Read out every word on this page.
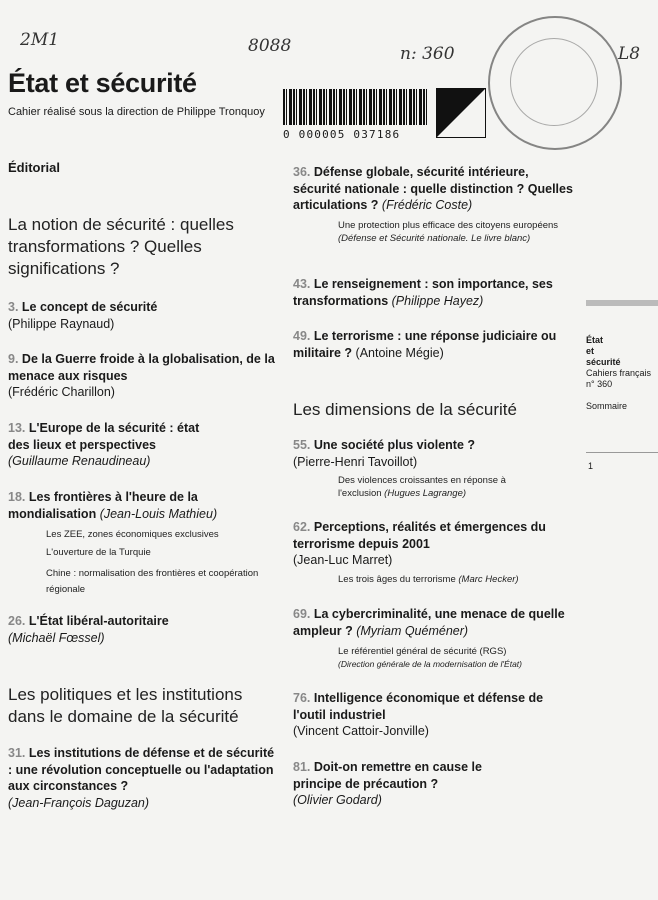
2M1	8088	n: 360	L8
État et sécurité
Cahier réalisé sous la direction de Philippe Tronquoy
0 000005 037186
Éditorial
La notion de sécurité : quelles transformations ? Quelles significations ?
3. Le concept de sécurité
(Philippe Raynaud)
9. De la Guerre froide à la globalisation, de la menace aux risques
(Frédéric Charillon)
13. L'Europe de la sécurité : état des lieux et perspectives
(Guillaume Renaudineau)
18. Les frontières à l'heure de la mondialisation (Jean-Louis Mathieu)
Les ZEE, zones économiques exclusives
L'ouverture de la Turquie
Chine : normalisation des frontières et coopération régionale
26. L'État libéral-autoritaire
(Michaël Fœssel)
Les politiques et les institutions dans le domaine de la sécurité
31. Les institutions de défense et de sécurité : une révolution conceptuelle ou l'adaptation aux circonstances ?
(Jean-François Daguzan)
36. Défense globale, sécurité intérieure, sécurité nationale : quelle distinction ? Quelles articulations ? (Frédéric Coste)
Une protection plus efficace des citoyens européens (Défense et Sécurité nationale. Le livre blanc)
43. Le renseignement : son importance, ses transformations (Philippe Hayez)
49. Le terrorisme : une réponse judiciaire ou militaire ? (Antoine Mégie)
Les dimensions de la sécurité
55. Une société plus violente ?
(Pierre-Henri Tavoillot)
Des violences croissantes en réponse à l'exclusion (Hugues Lagrange)
62. Perceptions, réalités et émergences du terrorisme depuis 2001
(Jean-Luc Marret)
Les trois âges du terrorisme (Marc Hecker)
69. La cybercriminalité, une menace de quelle ampleur ? (Myriam Quéméner)
Le référentiel général de sécurité (RGS)
(Direction générale de la modernisation de l'État)
76. Intelligence économique et défense de l'outil industriel
(Vincent Cattoir-Jonville)
81. Doit-on remettre en cause le principe de précaution ?
(Olivier Godard)
État
et
sécurité
Cahiers français
n° 360
Sommaire
1
